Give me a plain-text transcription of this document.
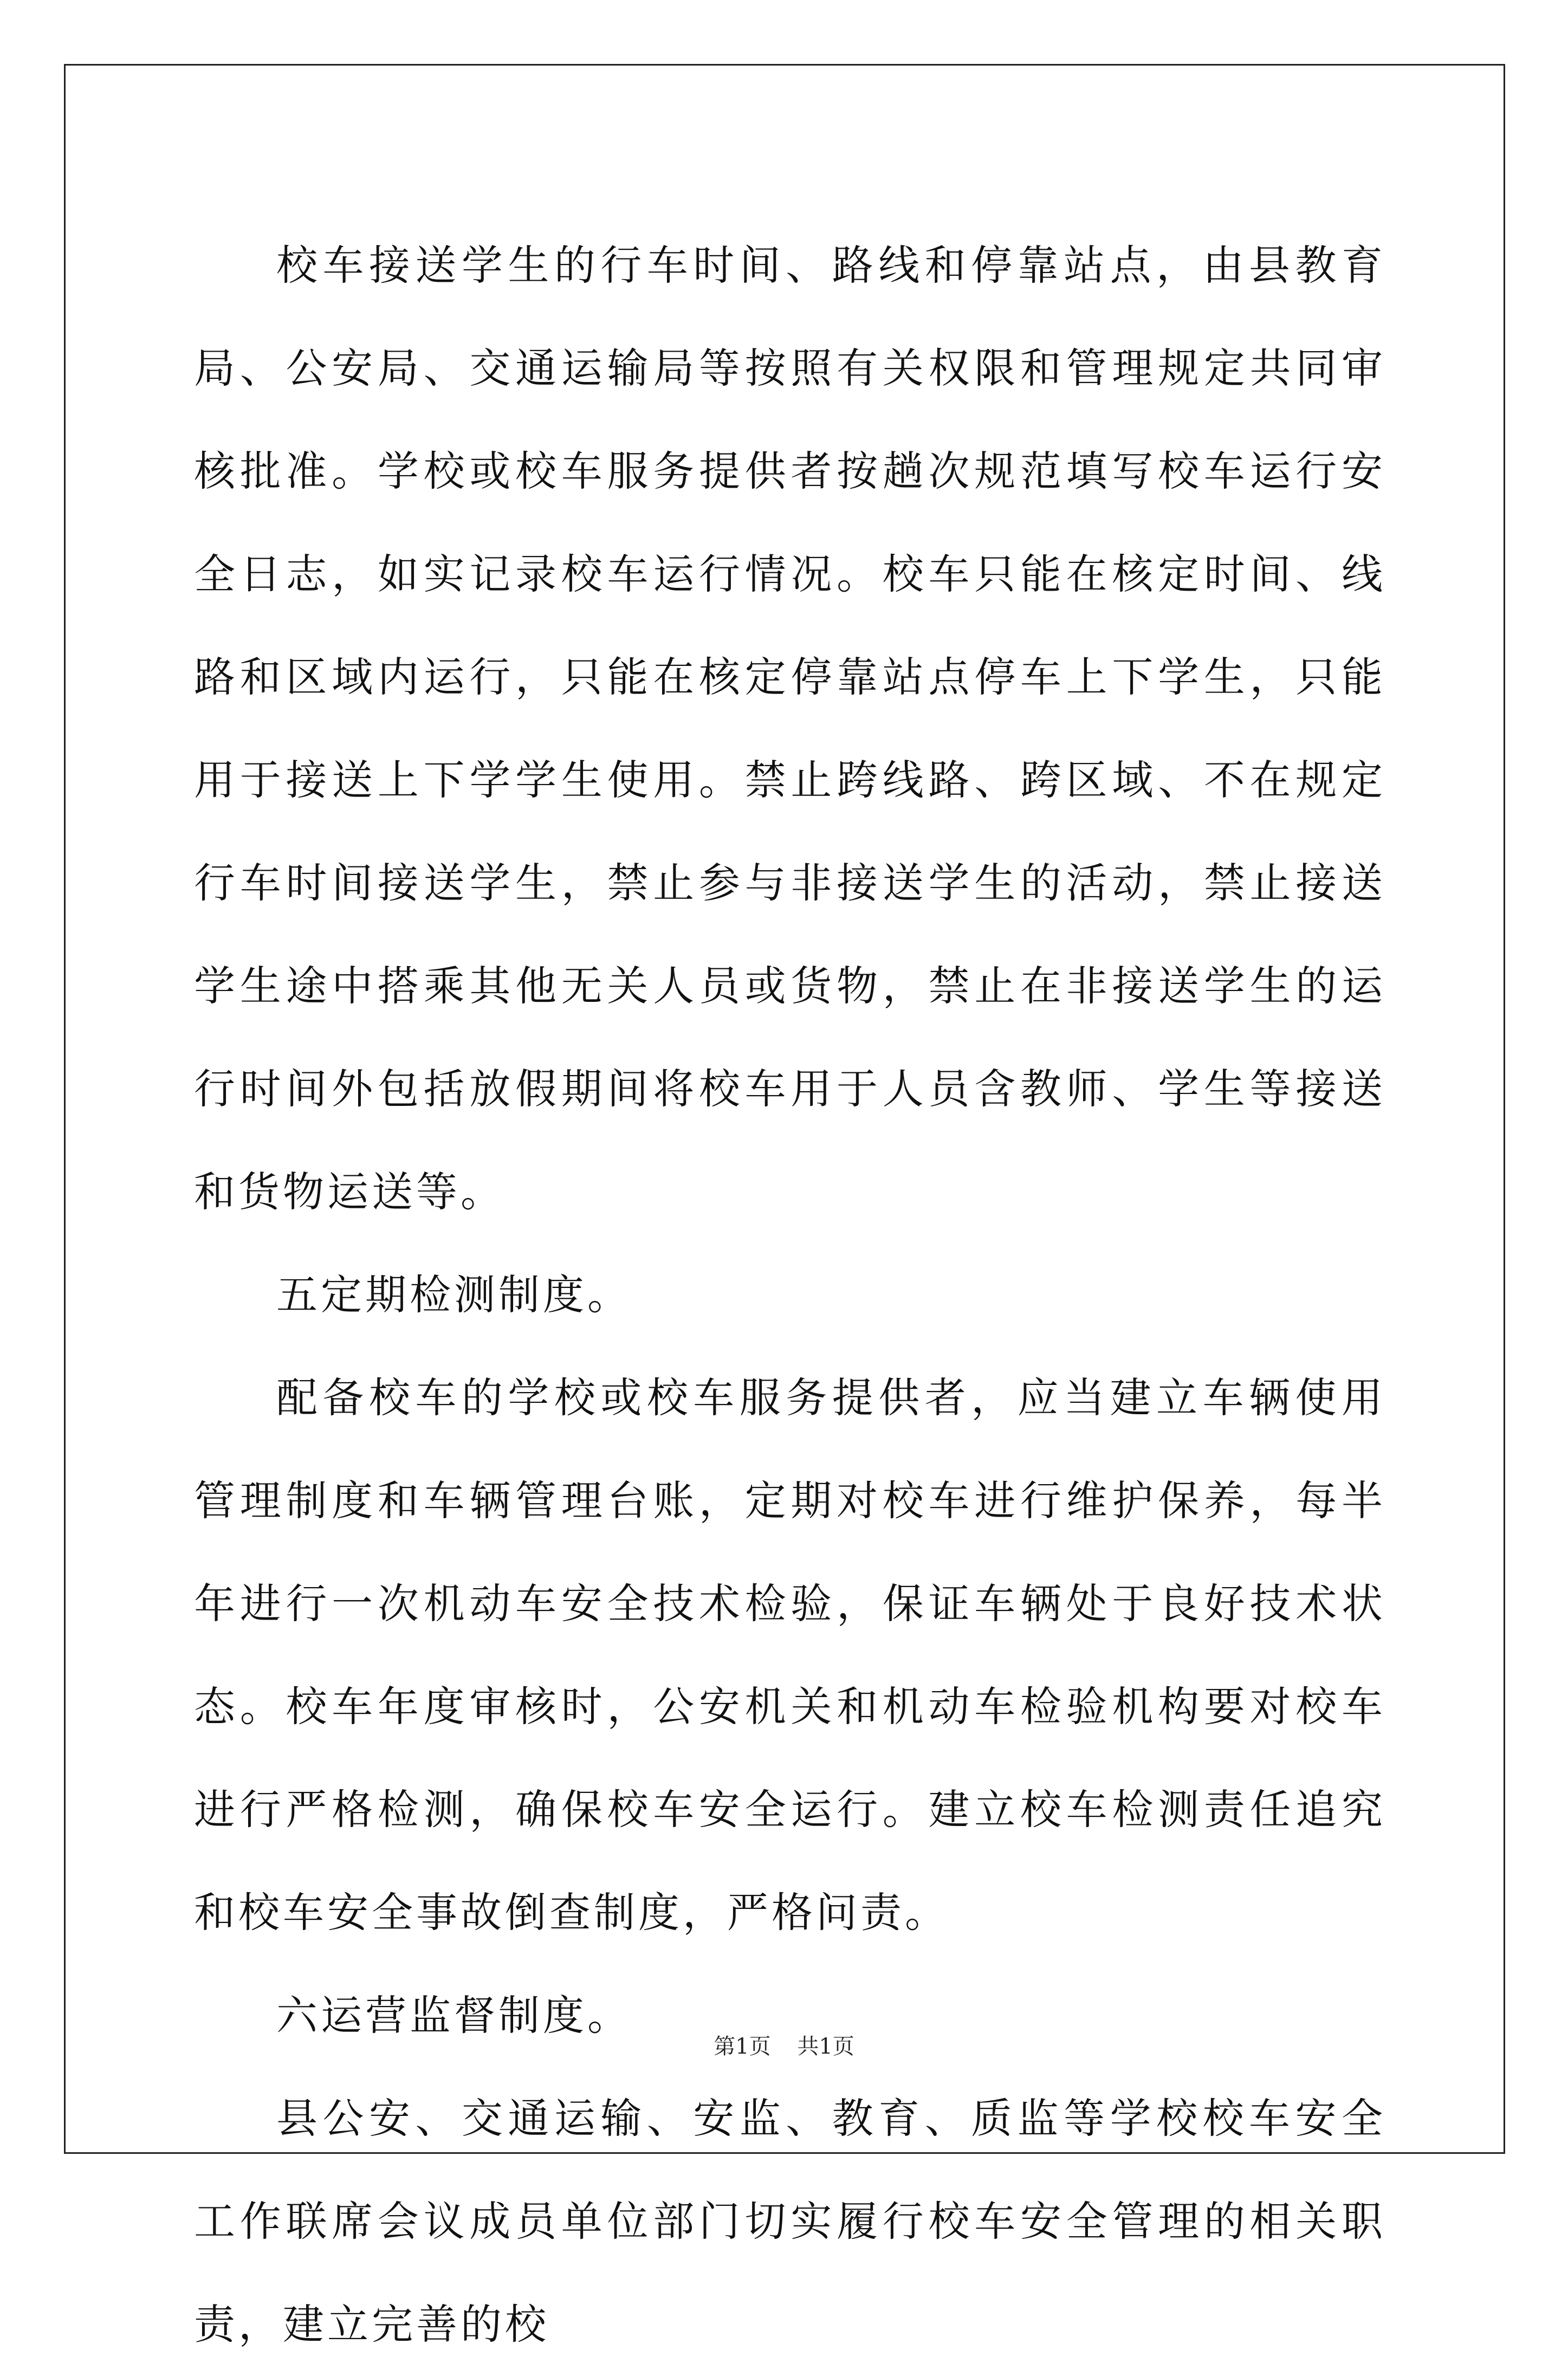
校车接送学生的行车时间、路线和停靠站点，由县教育局、公安局、交通运输局等按照有关权限和管理规定共同审核批准。学校或校车服务提供者按趟次规范填写校车运行安全日志，如实记录校车运行情况。校车只能在核定时间、线路和区域内运行，只能在核定停靠站点停车上下学生，只能用于接送上下学学生使用。禁止跨线路、跨区域、不在规定行车时间接送学生，禁止参与非接送学生的活动，禁止接送学生途中搭乘其他无关人员或货物，禁止在非接送学生的运行时间外包括放假期间将校车用于人员含教师、学生等接送和货物运送等。

五定期检测制度。

配备校车的学校或校车服务提供者，应当建立车辆使用管理制度和车辆管理台账，定期对校车进行维护保养，每半年进行一次机动车安全技术检验，保证车辆处于良好技术状态。校车年度审核时，公安机关和机动车检验机构要对校车进行严格检测，确保校车安全运行。建立校车检测责任追究和校车安全事故倒查制度，严格问责。

六运营监督制度。

县公安、交通运输、安监、教育、质监等学校校车安全工作联席会议成员单位部门切实履行校车安全管理的相关职责，建立完善的校

第1页 共1页
